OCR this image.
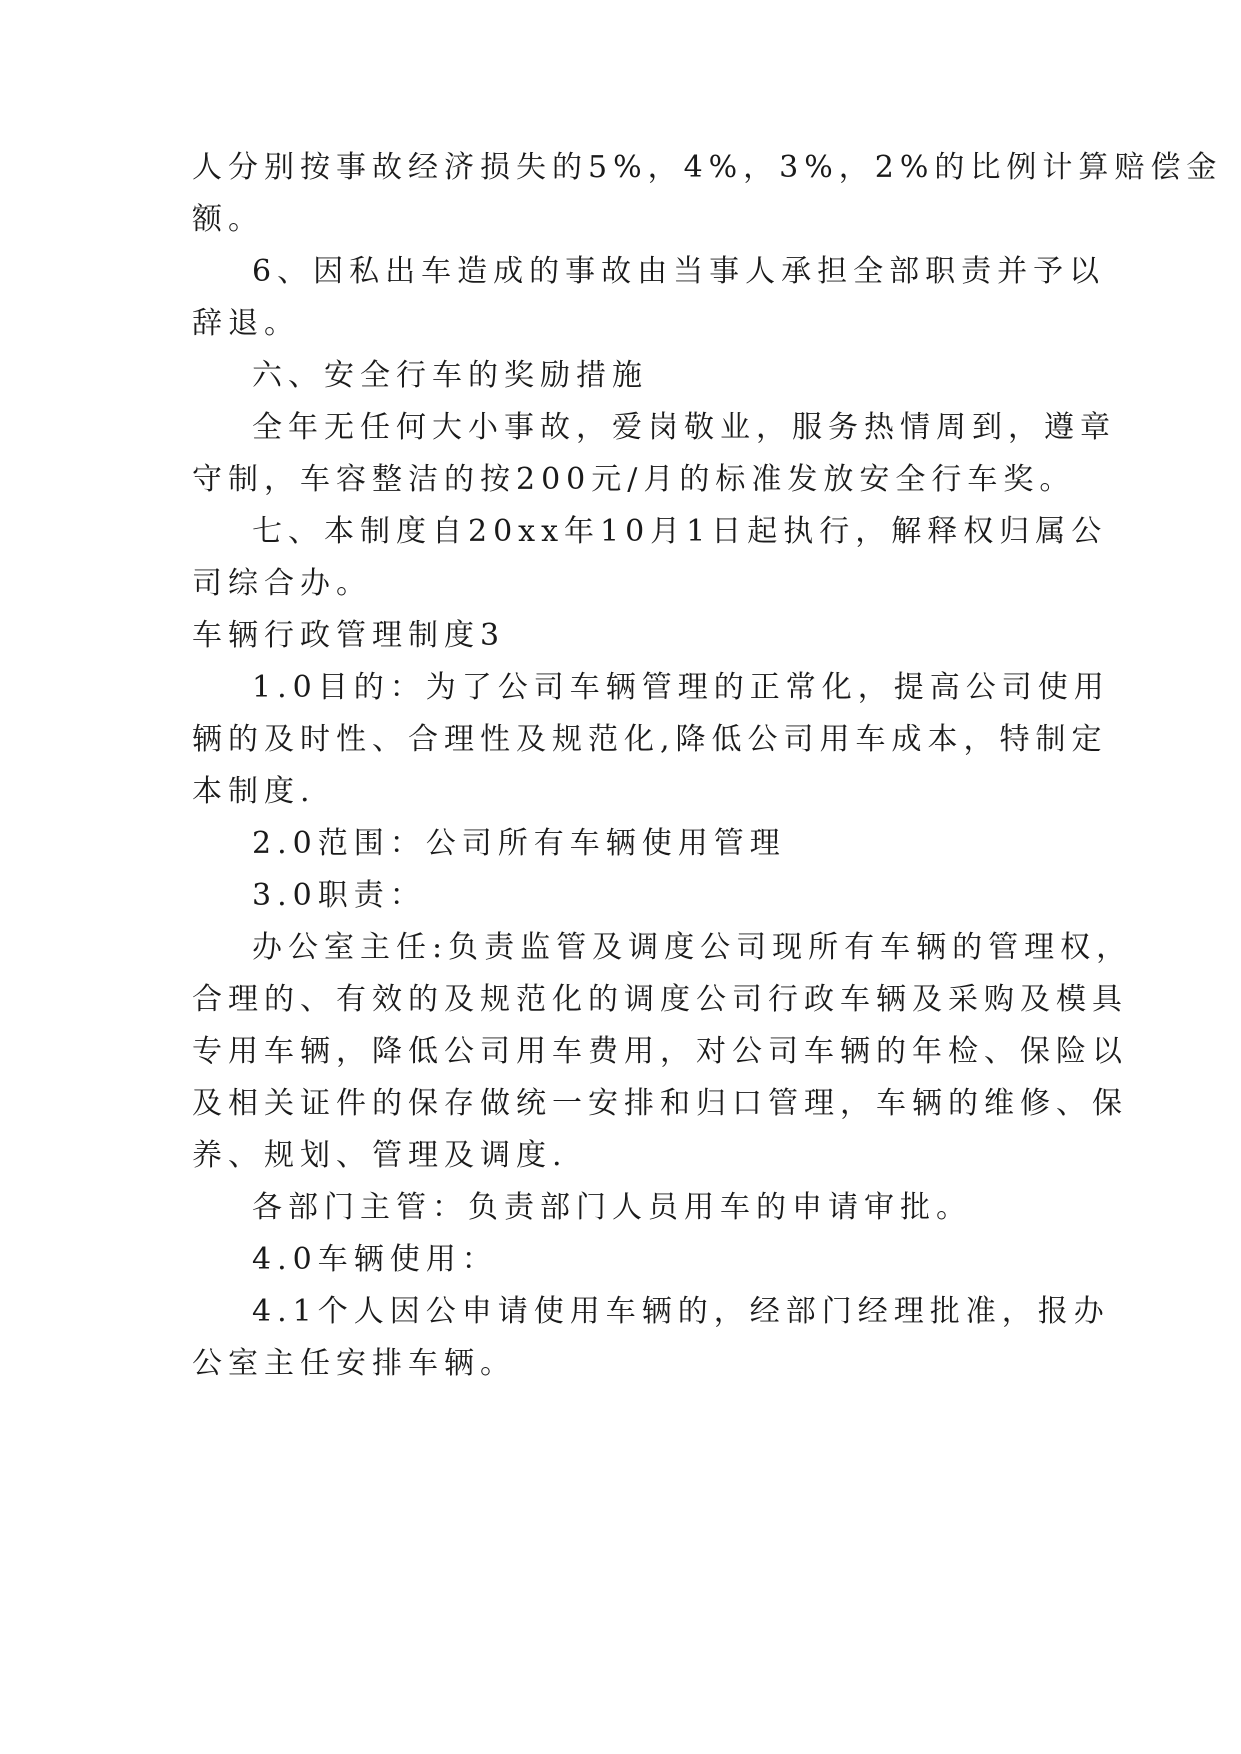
人分别按事故经济损失的5%，4%，3%，2%的比例计算赔偿金
额。
6、因私出车造成的事故由当事人承担全部职责并予以
辞退。
六、安全行车的奖励措施
全年无任何大小事故，爱岗敬业，服务热情周到，遵章
守制，车容整洁的按200元/月的标准发放安全行车奖。
七、本制度自20xx年10月1日起执行，解释权归属公
司综合办。
车辆行政管理制度3
1.0目的：为了公司车辆管理的正常化，提高公司使用
辆的及时性、合理性及规范化,降低公司用车成本，特制定
本制度.
2.0范围：公司所有车辆使用管理
3.0职责：
办公室主任:负责监管及调度公司现所有车辆的管理权，
合理的、有效的及规范化的调度公司行政车辆及采购及模具
专用车辆，降低公司用车费用，对公司车辆的年检、保险以
及相关证件的保存做统一安排和归口管理，车辆的维修、保
养、规划、管理及调度.
各部门主管：负责部门人员用车的申请审批。
4.0车辆使用：
4.1个人因公申请使用车辆的，经部门经理批准，报办
公室主任安排车辆。
